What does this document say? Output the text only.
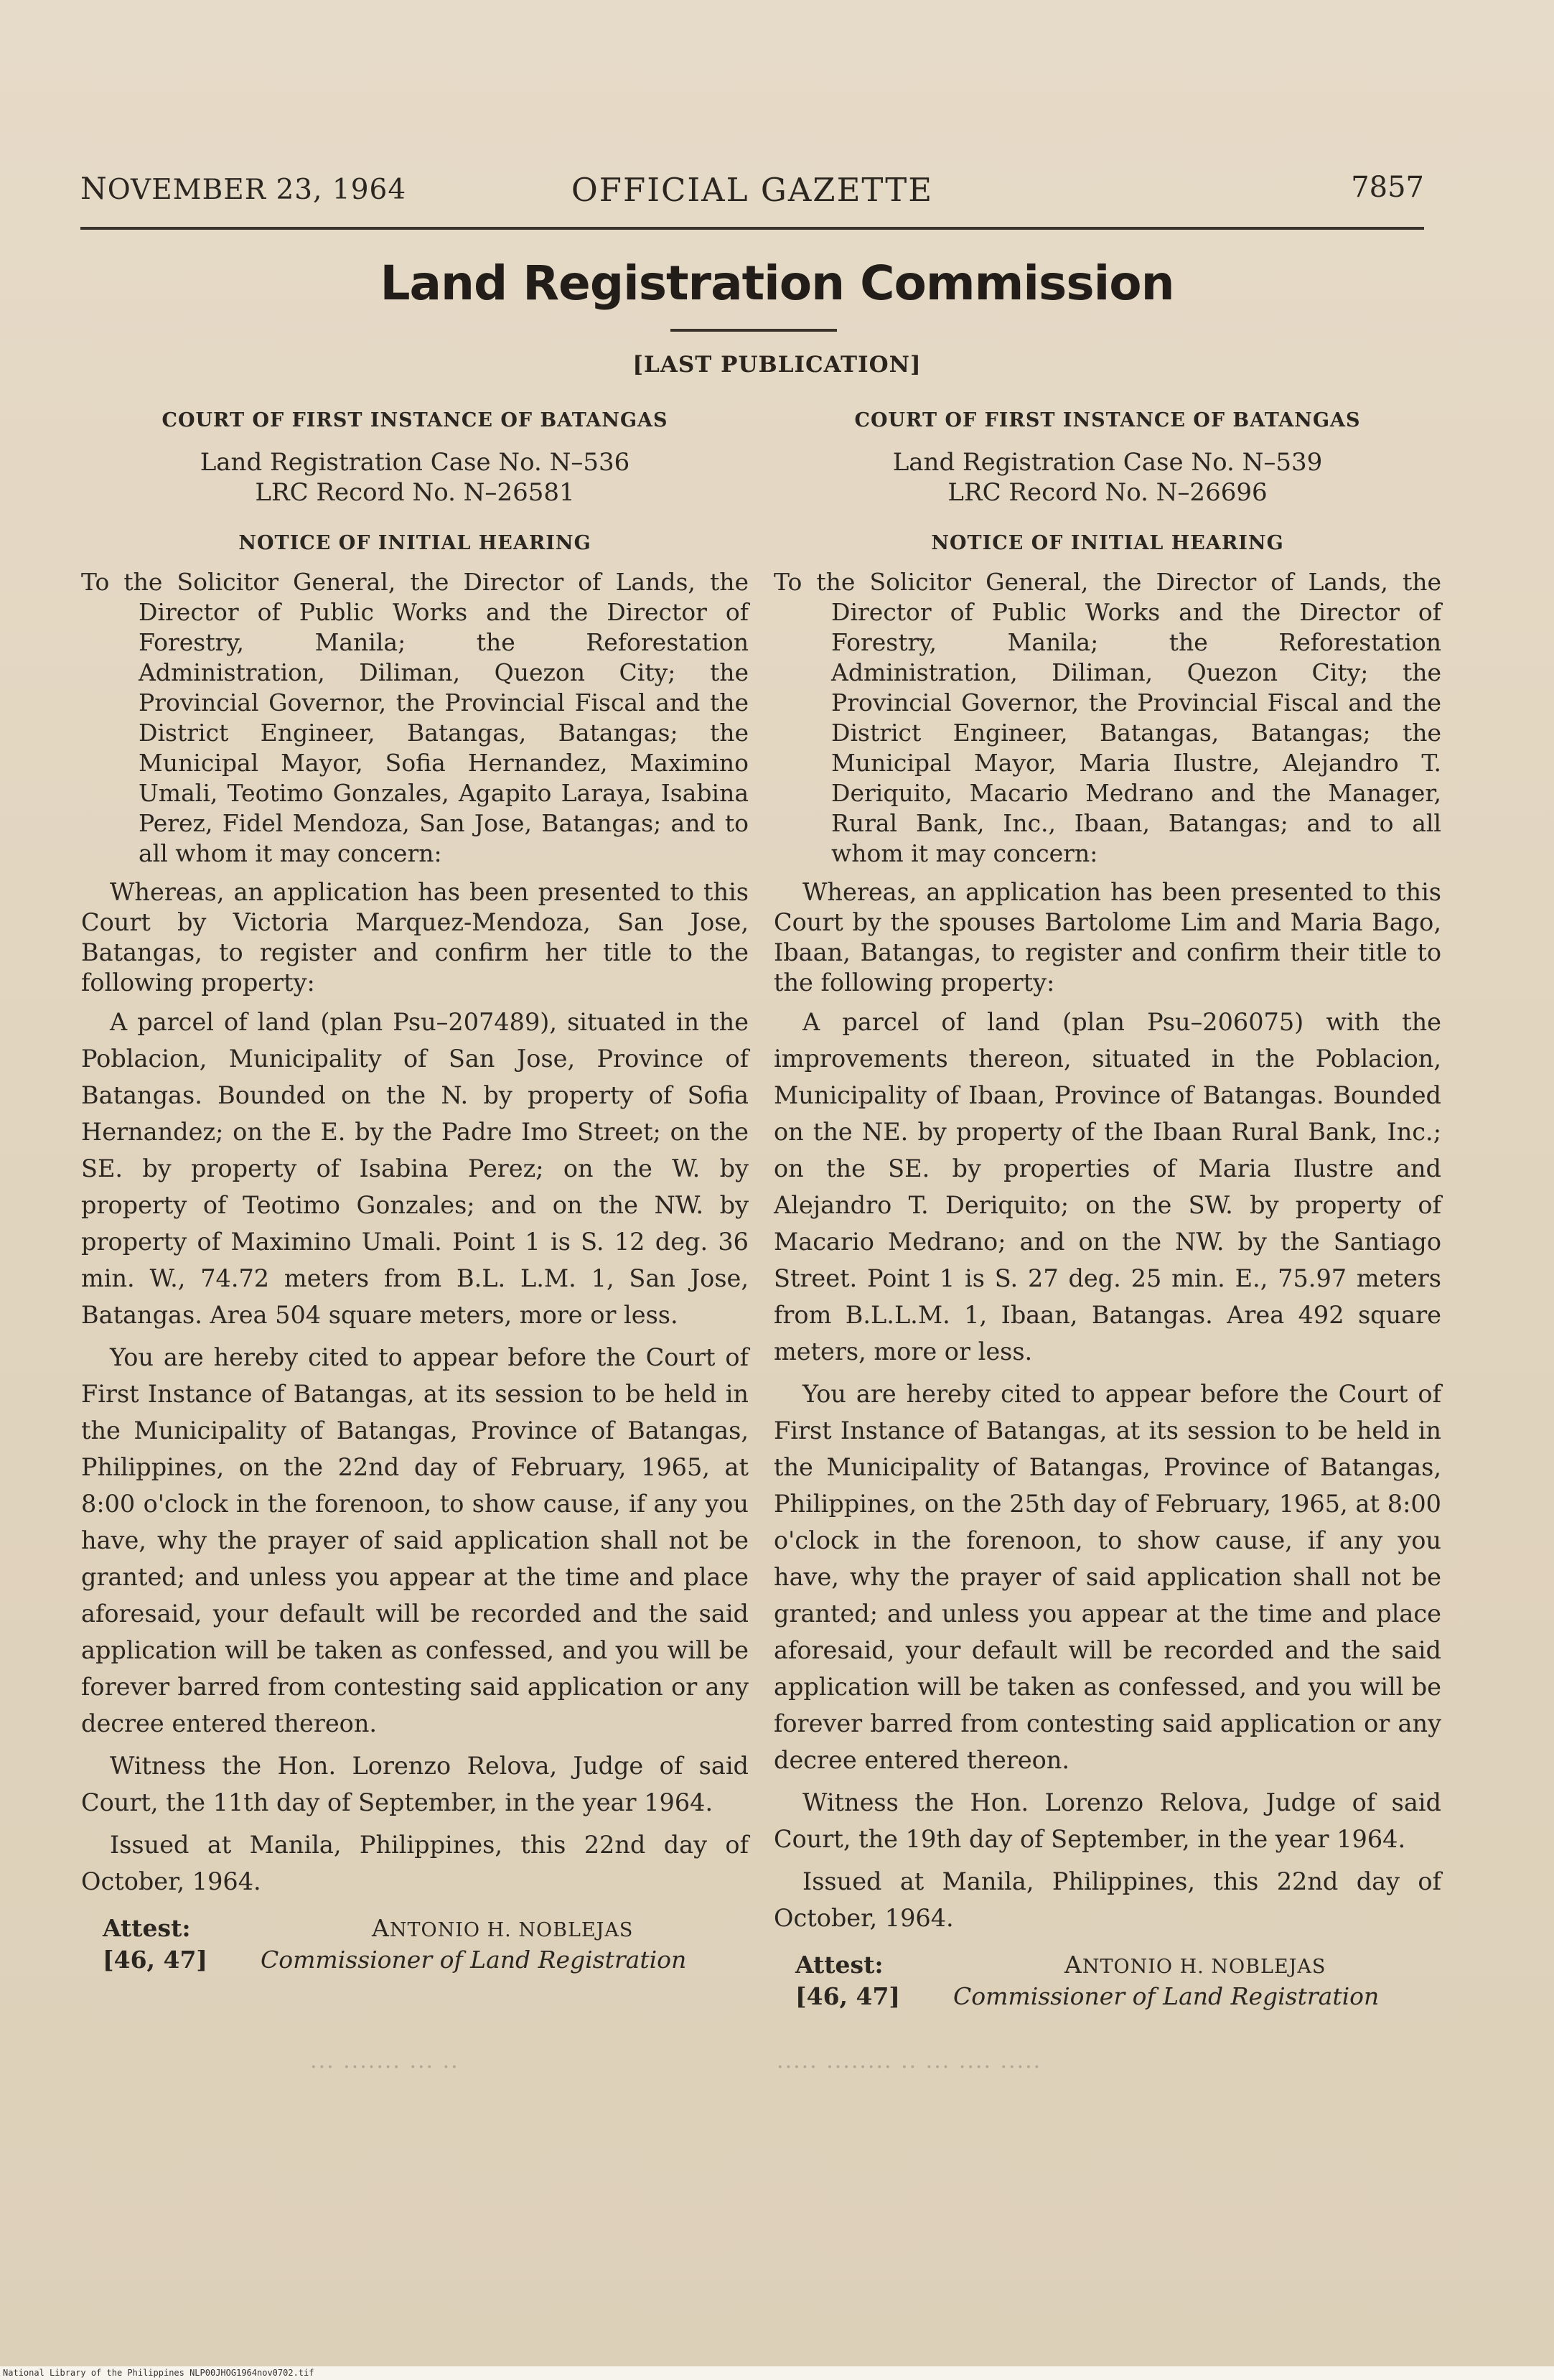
NOVEMBER 23, 1964	OFFICIAL GAZETTE	7857
Land Registration Commission
[LAST PUBLICATION]
COURT OF FIRST INSTANCE OF BATANGAS
Land Registration Case No. N–536
LRC Record No. N–26581
NOTICE OF INITIAL HEARING

To the Solicitor General, the Director of Lands, the Director of Public Works and the Director of Forestry, Manila; the Reforestation Administration, Diliman, Quezon City; the Provincial Governor, the Provincial Fiscal and the District Engineer, Batangas, Batangas; the Municipal Mayor, Sofia Hernandez, Maximino Umali, Teotimo Gonzales, Agapito Laraya, Isabina Perez, Fidel Mendoza, San Jose, Batangas; and to all whom it may concern:

Whereas, an application has been presented to this Court by Victoria Marquez-Mendoza, San Jose, Batangas, to register and confirm her title to the following property:

A parcel of land (plan Psu–207489), situated in the Poblacion, Municipality of San Jose, Province of Batangas. Bounded on the N. by property of Sofia Hernandez; on the E. by the Padre Imo Street; on the SE. by property of Isabina Perez; on the W. by property of Teotimo Gonzales; and on the NW. by property of Maximino Umali. Point 1 is S. 12 deg. 36 min. W., 74.72 meters from B.L. L.M. 1, San Jose, Batangas. Area 504 square meters, more or less.

You are hereby cited to appear before the Court of First Instance of Batangas, at its session to be held in the Municipality of Batangas, Province of Batangas, Philippines, on the 22nd day of February, 1965, at 8:00 o'clock in the forenoon, to show cause, if any you have, why the prayer of said application shall not be granted; and unless you appear at the time and place aforesaid, your default will be recorded and the said application will be taken as confessed, and you will be forever barred from contesting said application or any decree entered thereon.

Witness the Hon. Lorenzo Relova, Judge of said Court, the 11th day of September, in the year 1964.

Issued at Manila, Philippines, this 22nd day of October, 1964.

Attest:
[46, 47]
ANTONIO H. NOBLEJAS
Commissioner of Land Registration
COURT OF FIRST INSTANCE OF BATANGAS
Land Registration Case No. N–539
LRC Record No. N–26696
NOTICE OF INITIAL HEARING

To the Solicitor General, the Director of Lands, the Director of Public Works and the Director of Forestry, Manila; the Reforestation Administration, Diliman, Quezon City; the Provincial Governor, the Provincial Fiscal and the District Engineer, Batangas, Batangas; the Municipal Mayor, Maria Ilustre, Alejandro T. Deriquito, Macario Medrano and the Manager, Rural Bank, Inc., Ibaan, Batangas; and to all whom it may concern:

Whereas, an application has been presented to this Court by the spouses Bartolome Lim and Maria Bago, Ibaan, Batangas, to register and confirm their title to the following property:

A parcel of land (plan Psu–206075) with the improvements thereon, situated in the Poblacion, Municipality of Ibaan, Province of Batangas. Bounded on the NE. by property of the Ibaan Rural Bank, Inc.; on the SE. by properties of Maria Ilustre and Alejandro T. Deriquito; on the SW. by property of Macario Medrano; and on the NW. by the Santiago Street. Point 1 is S. 27 deg. 25 min. E., 75.97 meters from B.L.L.M. 1, Ibaan, Batangas. Area 492 square meters, more or less.

You are hereby cited to appear before the Court of First Instance of Batangas, at its session to be held in the Municipality of Batangas, Province of Batangas, Philippines, on the 25th day of February, 1965, at 8:00 o'clock in the forenoon, to show cause, if any you have, why the prayer of said application shall not be granted; and unless you appear at the time and place aforesaid, your default will be recorded and the said application will be taken as confessed, and you will be forever barred from contesting said application or any decree entered thereon.

Witness the Hon. Lorenzo Relova, Judge of said Court, the 19th day of September, in the year 1964.

Issued at Manila, Philippines, this 22nd day of October, 1964.

Attest:
[46, 47]
ANTONIO H. NOBLEJAS
Commissioner of Land Registration
·· ··· ······· ···	····· ···· ··· ·· ········ ·····
National Library of the Philippines NLP00JHOG1964nov0702.tif
